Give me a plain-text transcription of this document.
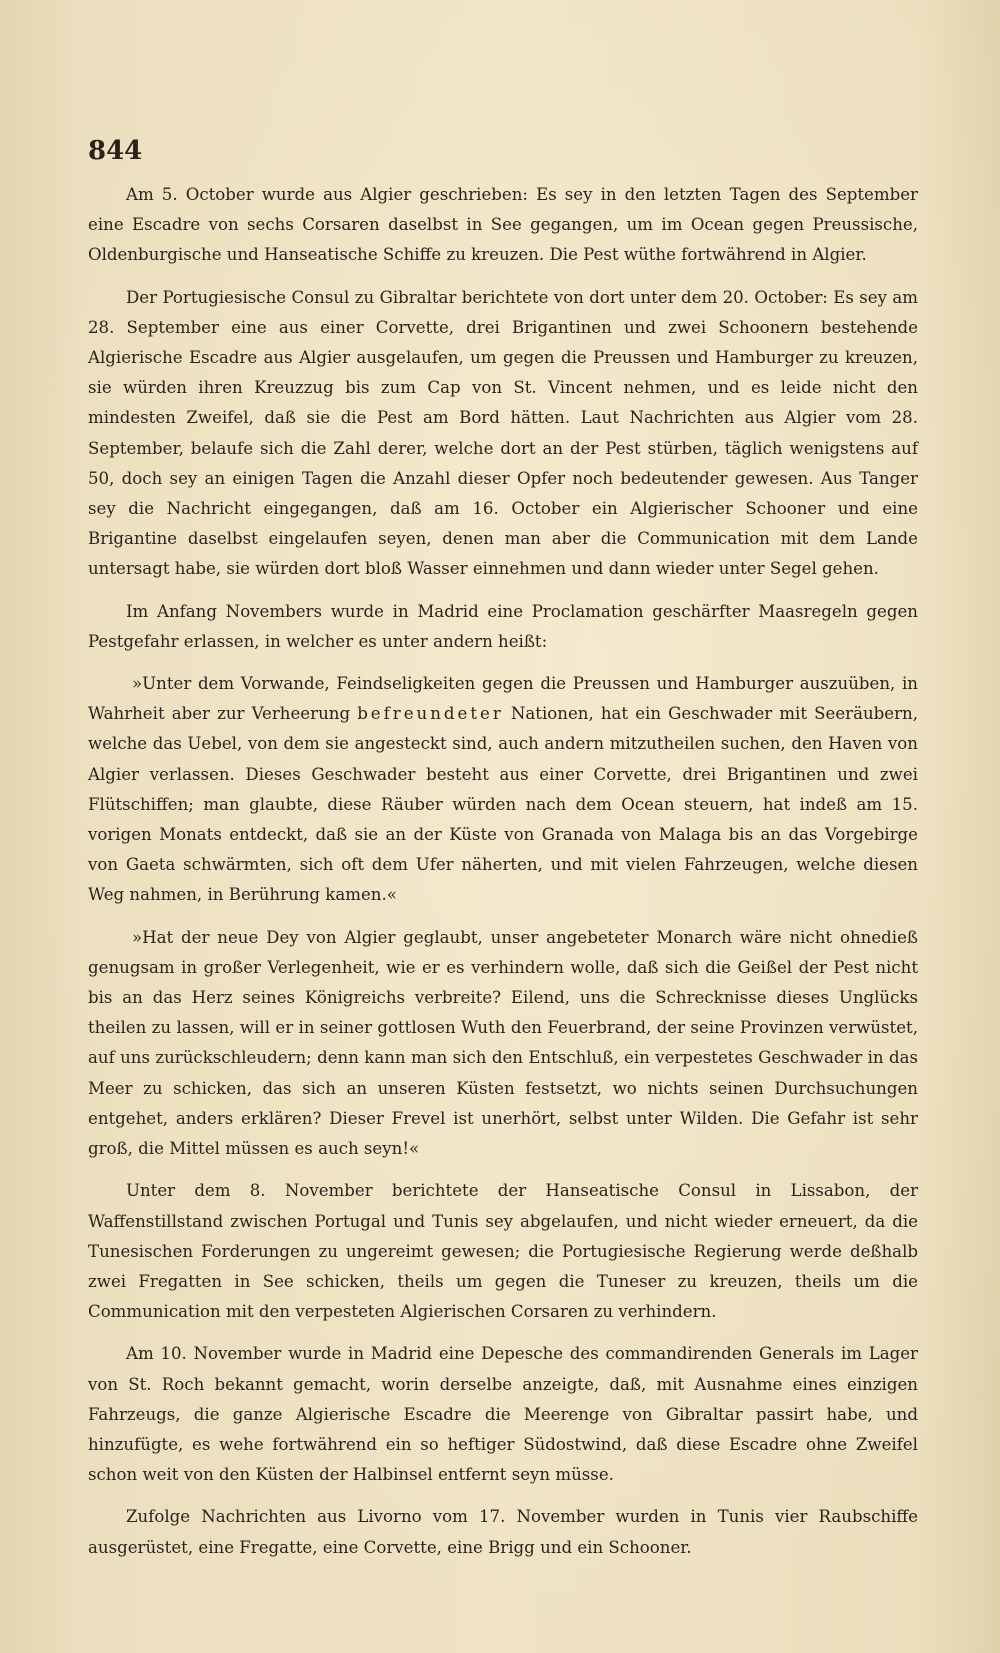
844

Am 5. October wurde aus Algier geschrieben: Es sey in den letzten Tagen des September eine Escadre von sechs Corsaren daselbst in See gegangen, um im Ocean gegen Preussische, Oldenburgische und Hanseatische Schiffe zu kreuzen. Die Pest wüthe fortwährend in Algier.

Der Portugiesische Consul zu Gibraltar berichtete von dort unter dem 20. October: Es sey am 28. September eine aus einer Corvette, drei Brigantinen und zwei Schoonern bestehende Algierische Escadre aus Algier ausgelaufen, um gegen die Preussen und Hamburger zu kreuzen, sie würden ihren Kreuzzug bis zum Cap von St. Vincent nehmen, und es leide nicht den mindesten Zweifel, daß sie die Pest am Bord hätten. Laut Nachrichten aus Algier vom 28. September, belaufe sich die Zahl derer, welche dort an der Pest stürben, täglich wenigstens auf 50, doch sey an einigen Tagen die Anzahl dieser Opfer noch bedeutender gewesen. Aus Tanger sey die Nachricht eingegangen, daß am 16. October ein Algierischer Schooner und eine Brigantine daselbst eingelaufen seyen, denen man aber die Communication mit dem Lande untersagt habe, sie würden dort bloß Wasser einnehmen und dann wieder unter Segel gehen.

Im Anfang Novembers wurde in Madrid eine Proclamation geschärfter Maasregeln gegen Pestgefahr erlassen, in welcher es unter andern heißt:

»Unter dem Vorwande, Feindseligkeiten gegen die Preussen und Hamburger auszuüben, in Wahrheit aber zur Verheerung befreundeter Nationen, hat ein Geschwader mit Seeräubern, welche das Uebel, von dem sie angesteckt sind, auch andern mitzutheilen suchen, den Haven von Algier verlassen. Dieses Geschwader besteht aus einer Corvette, drei Brigantinen und zwei Flütschiffen; man glaubte, diese Räuber würden nach dem Ocean steuern, hat indeß am 15. vorigen Monats entdeckt, daß sie an der Küste von Granada von Malaga bis an das Vorgebirge von Gaeta schwärmten, sich oft dem Ufer näherten, und mit vielen Fahrzeugen, welche diesen Weg nahmen, in Berührung kamen.«

»Hat der neue Dey von Algier geglaubt, unser angebeteter Monarch wäre nicht ohnedieß genugsam in großer Verlegenheit, wie er es verhindern wolle, daß sich die Geißel der Pest nicht bis an das Herz seines Königreichs verbreite? Eilend, uns die Schrecknisse dieses Unglücks theilen zu lassen, will er in seiner gottlosen Wuth den Feuerbrand, der seine Provinzen verwüstet, auf uns zurückschleudern; denn kann man sich den Entschluß, ein verpestetes Geschwader in das Meer zu schicken, das sich an unseren Küsten festsetzt, wo nichts seinen Durchsuchungen entgehet, anders erklären? Dieser Frevel ist unerhört, selbst unter Wilden. Die Gefahr ist sehr groß, die Mittel müssen es auch seyn!«

Unter dem 8. November berichtete der Hanseatische Consul in Lissabon, der Waffenstillstand zwischen Portugal und Tunis sey abgelaufen, und nicht wieder erneuert, da die Tunesischen Forderungen zu ungereimt gewesen; die Portugiesische Regierung werde deßhalb zwei Fregatten in See schicken, theils um gegen die Tuneser zu kreuzen, theils um die Communication mit den verpesteten Algierischen Corsaren zu verhindern.

Am 10. November wurde in Madrid eine Depesche des commandirenden Generals im Lager von St. Roch bekannt gemacht, worin derselbe anzeigte, daß, mit Ausnahme eines einzigen Fahrzeugs, die ganze Algierische Escadre die Meerenge von Gibraltar passirt habe, und hinzufügte, es wehe fortwährend ein so heftiger Südostwind, daß diese Escadre ohne Zweifel schon weit von den Küsten der Halbinsel entfernt seyn müsse.

Zufolge Nachrichten aus Livorno vom 17. November wurden in Tunis vier Raubschiffe ausgerüstet, eine Fregatte, eine Corvette, eine Brigg und ein Schooner.
